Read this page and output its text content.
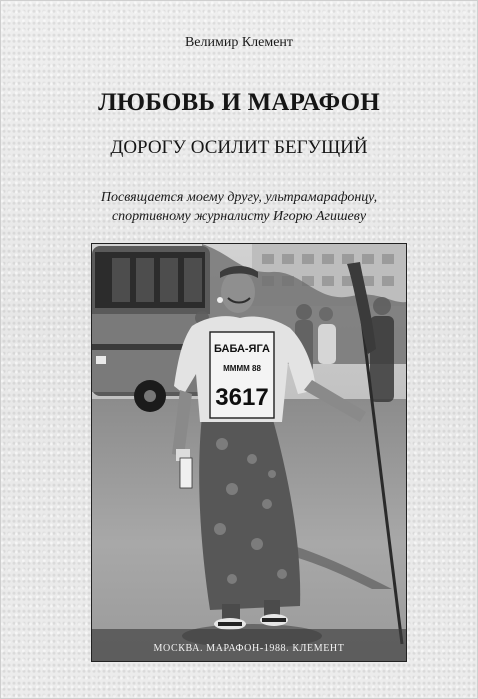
Велимир Клемент
ЛЮБОВЬ И МАРАФОН
ДОРОГУ ОСИЛИТ БЕГУЩИЙ
Посвящается моему другу, ультрамарафонцу,
спортивному журналисту Игорю Агишеву
БАБА-ЯГА
ММММ 88
3617
МОСКВА. МАРАФОН-1988. КЛЕМЕНТ
